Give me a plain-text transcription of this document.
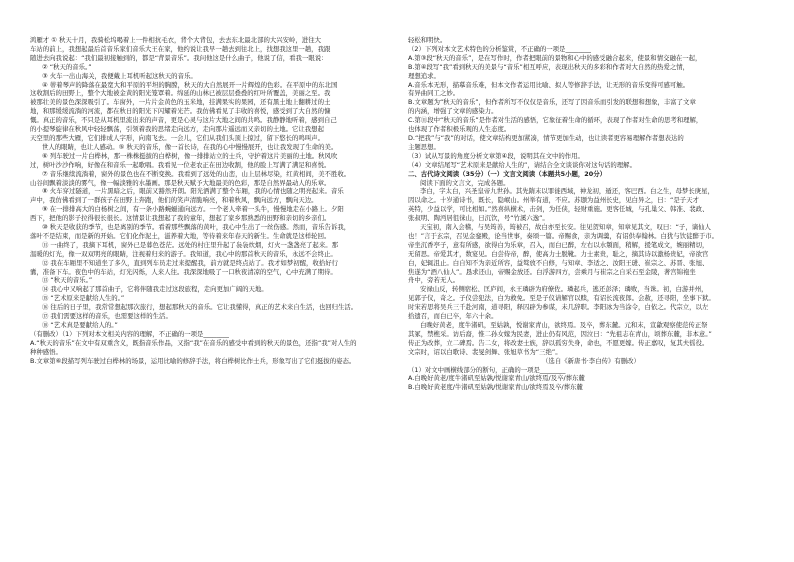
鸿雁才 ① 秋天十月，我骑松坞喝着上一件相抗毛衣，背个大背包，去去东北最北部的大兴安岭，进往大
车站的前上，我想起最后首音乐家们音乐大王在家，他约说让我早一趟去到往北上，找想我这里一趟，我跟
随进去向我说起：“我们最初接触到的，都是“背景音乐”。我问他这是什么曲子，他说了信，看我一眼说：
② “秋天的音乐。”
③ 火车一出山海关，我便戴上耳机听起这秋天的音乐。
④ 蒂着琴声的降落在最宽大和平原的平坦的胸膛，秋天的大自然展开一片辉煌的色彩。在平原中的东北国
这收割后的田野上，整个大地被金黄的阳光笼罩着。绵延的山林已被层层叠叠的红叶所覆盖，美丽之至。我
被那壮美的景色深深吸引了。车窗外，一片片金黄色的玉米地，挂满果实的果园，还有黑土地上翻耕过的土
地，和那缓缓流淌的河流，都在秋日的阳光下闪耀着光芒。我仿佛看见了丰收的喜悦，感受到了大自然的慷
慨。真正的音乐，不只是从耳机里流出来的声音，更是心灵与这片大地之间的共鸣。我静静地听着，感到自己
的小提琴旋律在秋风中轻轻飘荡，引领着我的思绪走向远方，走向那片遥远而又亲切的土地。它让我想起
天空里的那些大雁，它们排成人字形，向南飞去。一会儿，它们从我们头顶上掠过，留下悠长的鸣叫声。
世人的眼睛，也让人感动。⑤ 秋天的音乐，像一首长诗，在我的心中慢慢展开，也让我发现了生命的美。
⑥ 列车驶过一片白桦林，那一株株挺拔的白桦树，像一排排站立的士兵，守护着这片美丽的土地。秋风吹
过，树叶沙沙作响，好像在和音乐一起歌唱。我看见一位老农正在田边收割，他的脸上写满了满足和喜悦。
⑦ 音乐继续流淌着，窗外的景色也在不断变换。我看到了远处的山峦，山上层林尽染，红黄相间，美不胜收。
山谷间飘着淡淡的雾气，像一幅淡雅的水墨画。那是秋天赋予大地最美的色彩，那是自然界最动人的乐章。
⑧ 火车穿过隧道，一片黑暗之后，眼前又豁然开朗。阳光洒满了整个车厢，我的心情也随之明亮起来。音乐
声中，我仿佛看到了一群孩子在田野上奔跑，他们的笑声清脆响亮，和着秋风，飘向远方，飘向天边。
⑨ 在一排排高大的白杨树之间，有一条小路蜿蜒通向远方。一个老人牵着一头牛，慢慢地走在小路上。夕阳
西下，把他的影子拉得很长很长。这情景让我想起了我的童年，想起了家乡那熟悉的田野和亲切的乡亲们。
⑩ 秋天是收获的季节，也是离别的季节。看着那些飘落的黄叶，我心中生出了一丝伤感。然而，音乐告诉我，
落叶不是结束，而是新的开始。它们化作泥土，滋养着大地，等待着来年春天的新生。生命就是这样轮回。
⑪ 一曲终了，我摘下耳机，窗外已是暮色苍茫。远处的村庄里升起了袅袅炊烟，灯火一盏盏亮了起来。那
温暖的灯光，像一双双明亮的眼睛，注视着归来的游子。我知道，我心中的那首秋天的音乐，永远不会终止。
⑫ 我在车厢里不知道坐了多久，直到列车员走过来提醒我，前方就是终点站了。我才如梦初醒，收拾好行
囊，准备下车。夜色中的车站，灯光闪烁，人来人往。我深深地吸了一口秋夜清凉的空气，心中充满了期待。
⑬ “秋天的音乐。”
⑭ 我心中又响起了那首曲子，它将伴随我走过这段旅程，走向更加广阔的天地。
⑮ “艺术原来是献给人生的。”
⑯ 往后的日子里，我常常想起那次旅行，想起那秋天的音乐。它让我懂得，真正的艺术来自生活，也回归生活。
⑰ 我们需要这样的音乐，也需要这样的生活。
⑱ “艺术真是要献给人的。”
（有删改）（1）下列对本文相关内容的理解，不正确的一项是________
A.“秋天的音乐”在文中有双重含义，既指音乐作品，又指“我”在音乐的感受中看到的秋天的景色，还指“我”对人生的
种种感悟。
B.文章第⑥段描写列车驶过白桦林的场景，运用比喻的修辞手法，将白桦树比作士兵，形象写出了它们挺拔的姿态。
轻松和明快。
（2）下列对本文艺术特色的分析鉴赏，不正确的一项是________
A.第③段“秋天的音乐”，是在写作时，作者把眼前的景物和心中的感受融合起来，使景和情交融在一起，
B.第④段写“我”看到秋天的美景与“音乐”相互呼应，表现出秋天的多彩和作者对大自然的热爱之情，
理想追求。
A.音乐本无形，描摹音乐难，但本文作者运用比喻、拟人等修辞手法，让无形的音乐变得可感可触。
有异曲同工之妙。
B.文章题为“秋天的音乐”，但作者所写不仅仅是音乐，还写了因音乐而引发的联想和想象，丰富了文章
的内涵，增强了文章的感染力。
C.第⑪段中“秋天的音乐”是作者对生活的感悟，它象征着生命的循环，表现了作者对生命的思考和理解，
也体现了作者积极乐观的人生态度。
D.“把我”与“我”的对话，使文章结构更加紧凑，情节更加生动，也让读者更容易理解作者想表达的
主题思想。
（3）试从写景的角度分析文章第④段，说明其在文中的作用。
（4）文章结尾写“艺术原来是献给人生的”，请结合全文谈谈你对这句话的理解。
二、古代诗文阅读（35分）（一）文言文阅读（本题共5小题，20分）
阅读下面的文言文，完成各题。
李白，字太白，兴圣皇帝九世孙。其先隋末以罪徙西域，神龙初，遁还，客巴西。白之生，母梦长庚星，
因以命之。十岁通诗书，既长，隐岷山。州举有道，不应。苏颋为益州长史，见白异之，曰：“是子天才
英特，少益以学，可比相如。”然喜纵横术，击剑，为任侠，轻财重施。更客任城，与孔巢父、韩准、裴政、
张叔明、陶沔居徂徕山，日沉饮，号“竹溪六逸”。
天宝初，南入会稽，与吴筠善，筠被召，故白亦至长安。往见贺知章，知章见其文，叹曰：“子，谪仙人
也！”言于玄宗，召见金銮殿，论当世事，奏颂一篇。帝赐食，亲为调羹，有诏供奉翰林。白犹与饮徒醉于市。
帝坐沉香亭子，意有所感，欲得白为乐章，召入，而白已醉，左右以水頮面，稍解，援笔成文，婉丽精切，
无留思。帝爱其才，数宴见。白尝侍帝，醉，使高力士脱靴。力士素贵，耻之，摘其诗以激杨贵妃，帝欲官
白，妃辄沮止。白自知不为亲近所容，益骜放不自修，与知章、李适之、汝阳王琎、崔宗之、苏晋、张旭、
焦遂为“酒八仙人”。恳求还山，帝赐金放还。白浮游四方，尝乘月与崔宗之自采石至金陵，著宫锦袍坐
舟中，旁若无人。
安禄山反，转侧宿松、匡庐间，永王璘辟为府僚佐。璘起兵，逃还彭泽；璘败，当诛。初，白游并州，
见郭子仪，奇之。子仪尝犯法，白为救免。至是子仪请解官以赎，有诏长流夜郎。会赦，还寻阳，坐事下狱。
时宋若思将吴兵三千赴河南，道寻阳，释囚辟为参谋，未几辞职。李阳冰为当涂令，白依之。代宗立，以左
拾遗召，而白已卒，年六十余。
白晚好黄老，度牛渚矶，至姑孰，悦谢家青山，欲终焉。及卒，葬东麓。元和末，宣歙观察使范传正祭
其冢，禁樵采。访后裔，惟二孙女嫁为民妻，进止仍有风范，因泣曰：“先祖志在青山，顷葬东麓，非本意。”
传正为改葬，立二碑焉。告二女，将改妻士族，辞以孤穷失身，命也，不愿更嫁。传正嘉叹，复其夫徭役。
文宗时，诏以白歌诗、裴旻剑舞、张旭草书为“三绝”。
（选自《新唐书·李白传》有删改）
（1）对文中画横线部分的断句，正确的一项是________
A.白晚好黄老/度牛渚矶至姑孰/悦谢家青山/欲终焉/及卒/葬东麓
B.白晚好黄老度/牛渚矶至姑孰/悦谢家青山/欲终焉及卒/葬东麓
